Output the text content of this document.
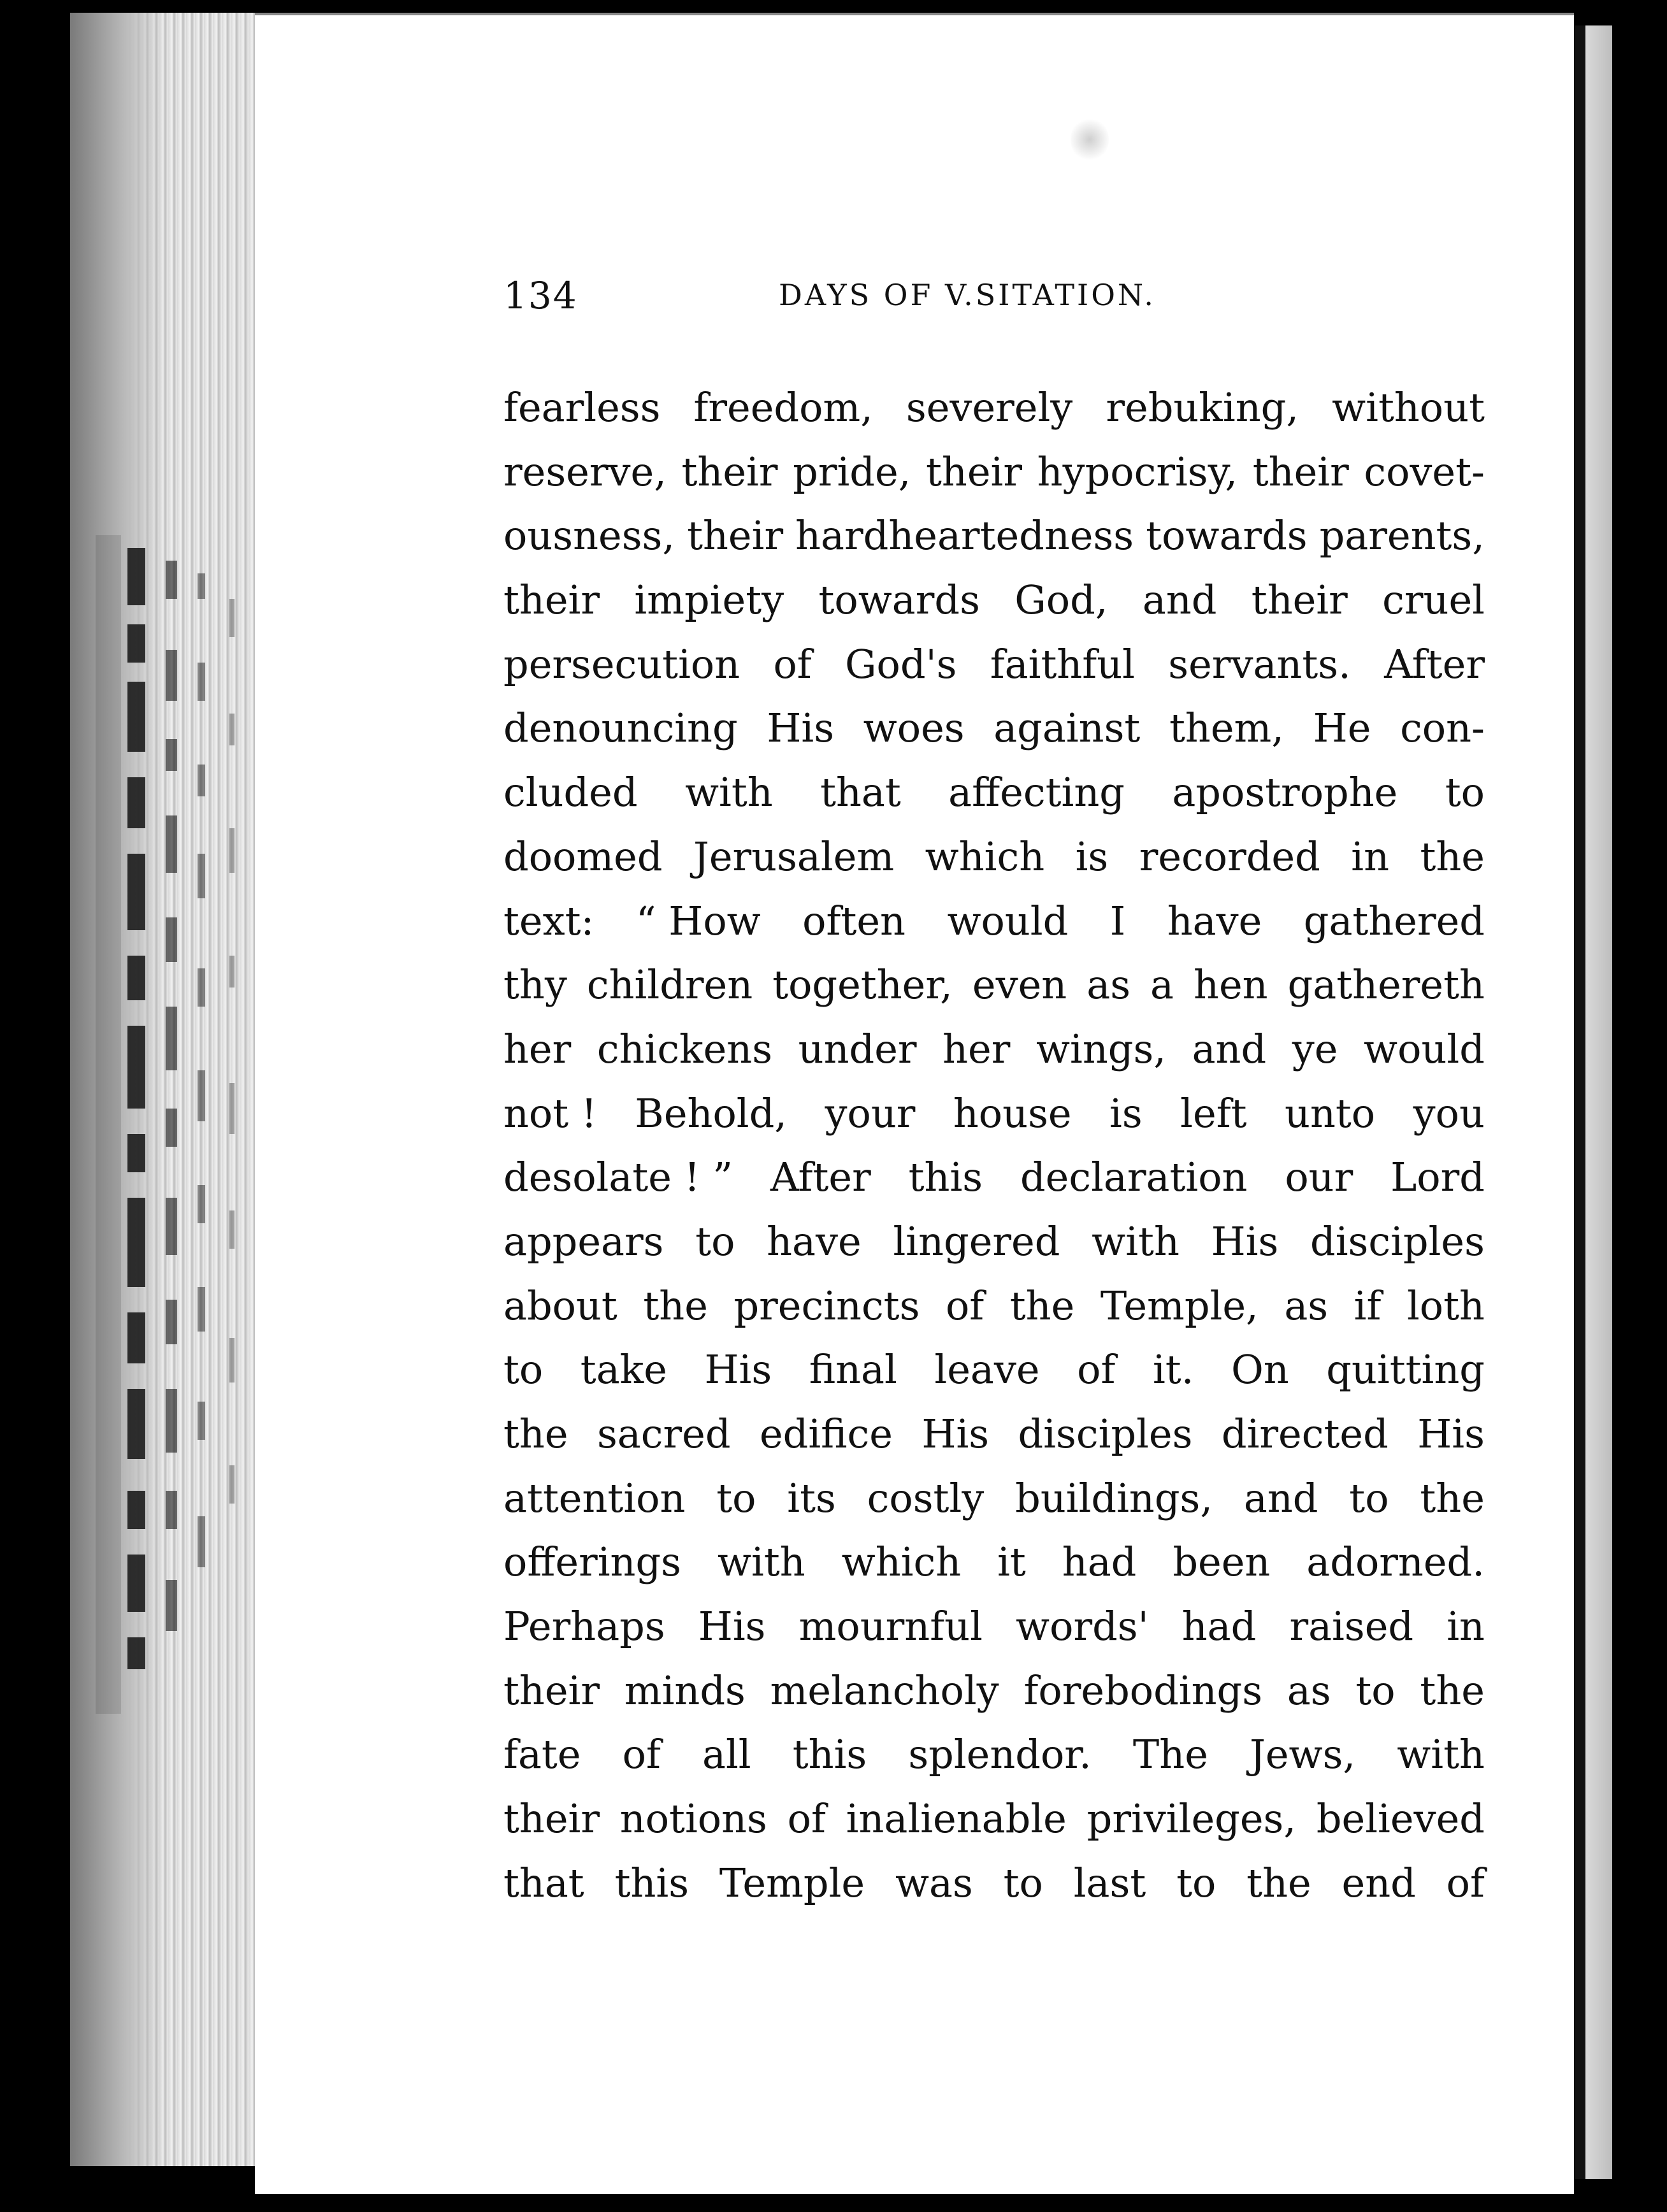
134	DAYS OF V.SITATION.
fearless freedom, severely rebuking, without
reserve, their pride, their hypocrisy, their covet-
ousness, their hardheartedness towards parents,
their impiety towards God, and their cruel
persecution of God's faithful servants. After
denouncing His woes against them, He con-
cluded with that affecting apostrophe to
doomed Jerusalem which is recorded in the
text: “ How often would I have gathered
thy children together, even as a hen gathereth
her chickens under her wings, and ye would
not ! Behold, your house is left unto you
desolate ! ” After this declaration our Lord
appears to have lingered with His disciples
about the precincts of the Temple, as if loth
to take His final leave of it. On quitting
the sacred edifice His disciples directed His
attention to its costly buildings, and to the
offerings with which it had been adorned.
Perhaps His mournful words' had raised in
their minds melancholy forebodings as to the
fate of all this splendor. The Jews, with
their notions of inalienable privileges, believed
that this Temple was to last to the end of
